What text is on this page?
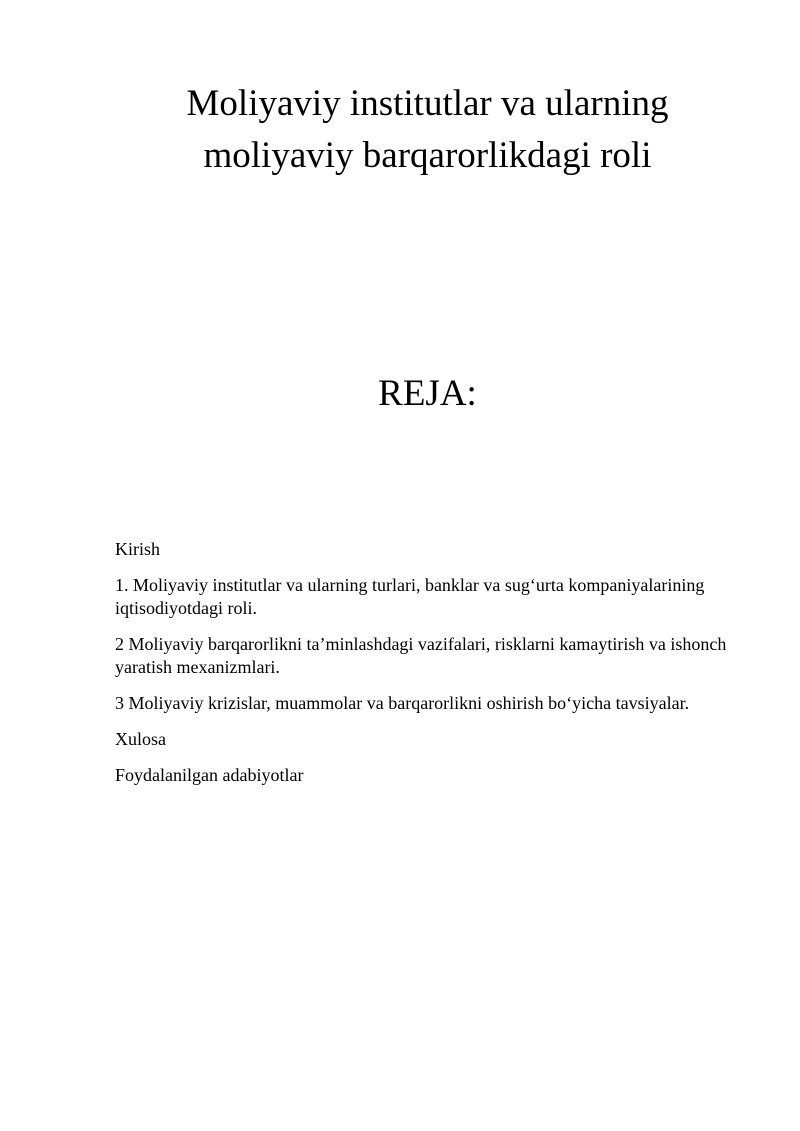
Moliyaviy institutlar va ularning
moliyaviy barqarorlikdagi roli
REJA:

Kirish

1. Moliyaviy institutlar va ularning turlari, banklar va sug‘urta kompaniyalarining iqtisodiyotdagi roli.

2 Moliyaviy barqarorlikni ta’minlashdagi vazifalari, risklarni kamaytirish va ishonch yaratish mexanizmlari.

3 Moliyaviy krizislar, muammolar va barqarorlikni oshirish bo‘yicha tavsiyalar.

Xulosa

Foydalanilgan adabiyotlar
